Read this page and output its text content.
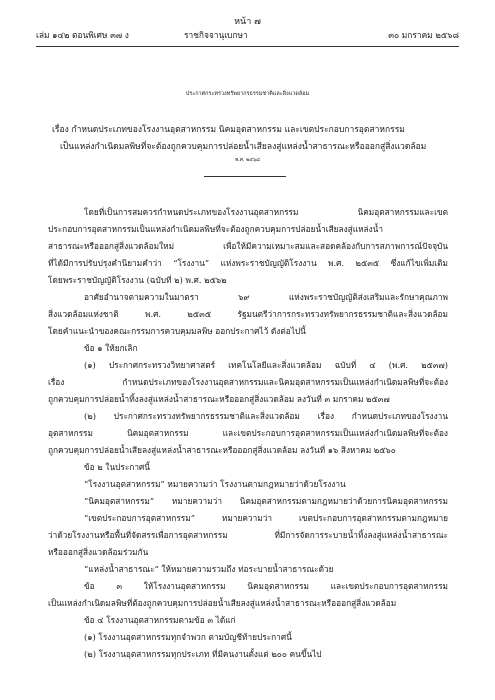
หน้า ๗
เล่ม ๑๔๒ ตอนพิเศษ ๓๗ ง	ราชกิจจานุเบกษา	๓๐ มกราคม ๒๕๖๘
ประกาศกระทรวงทรัพยากรธรรมชาติและสิ่งแวดล้อม
เรื่อง กำหนดประเภทของโรงงานอุตสาหกรรม นิคมอุตสาหกรรม และเขตประกอบการอุตสาหกรรม
เป็นแหล่งกำเนิดมลพิษที่จะต้องถูกควบคุมการปล่อยน้ำเสียลงสู่แหล่งน้ำสาธารณะหรือออกสู่สิ่งแวดล้อม
พ.ศ. ๒๕๖๘
โดยที่เป็นการสมควรกำหนดประเภทของโรงงานอุตสาหกรรม นิคมอุตสาหกรรมและเขต
ประกอบการอุตสาหกรรมเป็นแหล่งกำเนิดมลพิษที่จะต้องถูกควบคุมการปล่อยน้ำเสียลงสู่แหล่งน้ำ
สาธารณะหรือออกสู่สิ่งแวดล้อมใหม่ เพื่อให้มีความเหมาะสมและสอดคล้องกับการสภาพการณ์ปัจจุบัน
ที่ได้มีการปรับปรุงคำนิยามคำว่า “โรงงาน” แห่งพระราชบัญญัติโรงงาน พ.ศ. ๒๕๓๕ ซึ่งแก้ไขเพิ่มเติม
โดยพระราชบัญญัติโรงงาน (ฉบับที่ ๒) พ.ศ. ๒๕๖๒
อาศัยอำนาจตามความในมาตรา ๖๙ แห่งพระราชบัญญัติส่งเสริมและรักษาคุณภาพ
สิ่งแวดล้อมแห่งชาติ พ.ศ. ๒๕๓๕ รัฐมนตรีว่าการกระทรวงทรัพยากรธรรมชาติและสิ่งแวดล้อม
โดยคำแนะนำของคณะกรรมการควบคุมมลพิษ ออกประกาศไว้ ดังต่อไปนี้
ข้อ ๑ ให้ยกเลิก
(๑) ประกาศกระทรวงวิทยาศาสตร์ เทคโนโลยีและสิ่งแวดล้อม ฉบับที่ ๔ (พ.ศ. ๒๕๓๗)
เรื่อง กำหนดประเภทของโรงงานอุตสาหกรรมและนิคมอุตสาหกรรมเป็นแหล่งกำเนิดมลพิษที่จะต้อง
ถูกควบคุมการปล่อยน้ำทิ้งลงสู่แหล่งน้ำสาธารณะหรือออกสู่สิ่งแวดล้อม ลงวันที่ ๓ มกราคม ๒๕๓๗
(๒) ประกาศกระทรวงทรัพยากรธรรมชาติและสิ่งแวดล้อม เรื่อง กำหนดประเภทของโรงงาน
อุตสาหกรรม นิคมอุตสาหกรรม และเขตประกอบการอุตสาหกรรมเป็นแหล่งกำเนิดมลพิษที่จะต้อง
ถูกควบคุมการปล่อยน้ำเสียลงสู่แหล่งน้ำสาธารณะหรือออกสู่สิ่งแวดล้อม ลงวันที่ ๑๖ สิงหาคม ๒๕๖๐
ข้อ ๒ ในประกาศนี้
“โรงงานอุตสาหกรรม” หมายความว่า โรงงานตามกฎหมายว่าด้วยโรงงาน
“นิคมอุตสาหกรรม” หมายความว่า นิคมอุตสาหกรรมตามกฎหมายว่าด้วยการนิคมอุตสาหกรรม
“เขตประกอบการอุตสาหกรรม” หมายความว่า เขตประกอบการอุตสาหกรรมตามกฎหมาย
ว่าด้วยโรงงานหรือพื้นที่จัดสรรเพื่อการอุตสาหกรรม ที่มีการจัดการระบายน้ำทิ้งลงสู่แหล่งน้ำสาธารณะ
หรือออกสู่สิ่งแวดล้อมร่วมกัน
“แหล่งน้ำสาธารณะ” ให้หมายความรวมถึง ท่อระบายน้ำสาธารณะด้วย
ข้อ ๓ ให้โรงงานอุตสาหกรรม นิคมอุตสาหกรรม และเขตประกอบการอุตสาหกรรม
เป็นแหล่งกำเนิดมลพิษที่ต้องถูกควบคุมการปล่อยน้ำเสียลงสู่แหล่งน้ำสาธารณะหรือออกสู่สิ่งแวดล้อม
ข้อ ๔ โรงงานอุตสาหกรรมตามข้อ ๓ ได้แก่
(๑) โรงงานอุตสาหกรรมทุกจำพวก ตามบัญชีท้ายประกาศนี้
(๒) โรงงานอุตสาหกรรมทุกประเภท ที่มีคนงานตั้งแต่ ๒๐๐ คนขึ้นไป
